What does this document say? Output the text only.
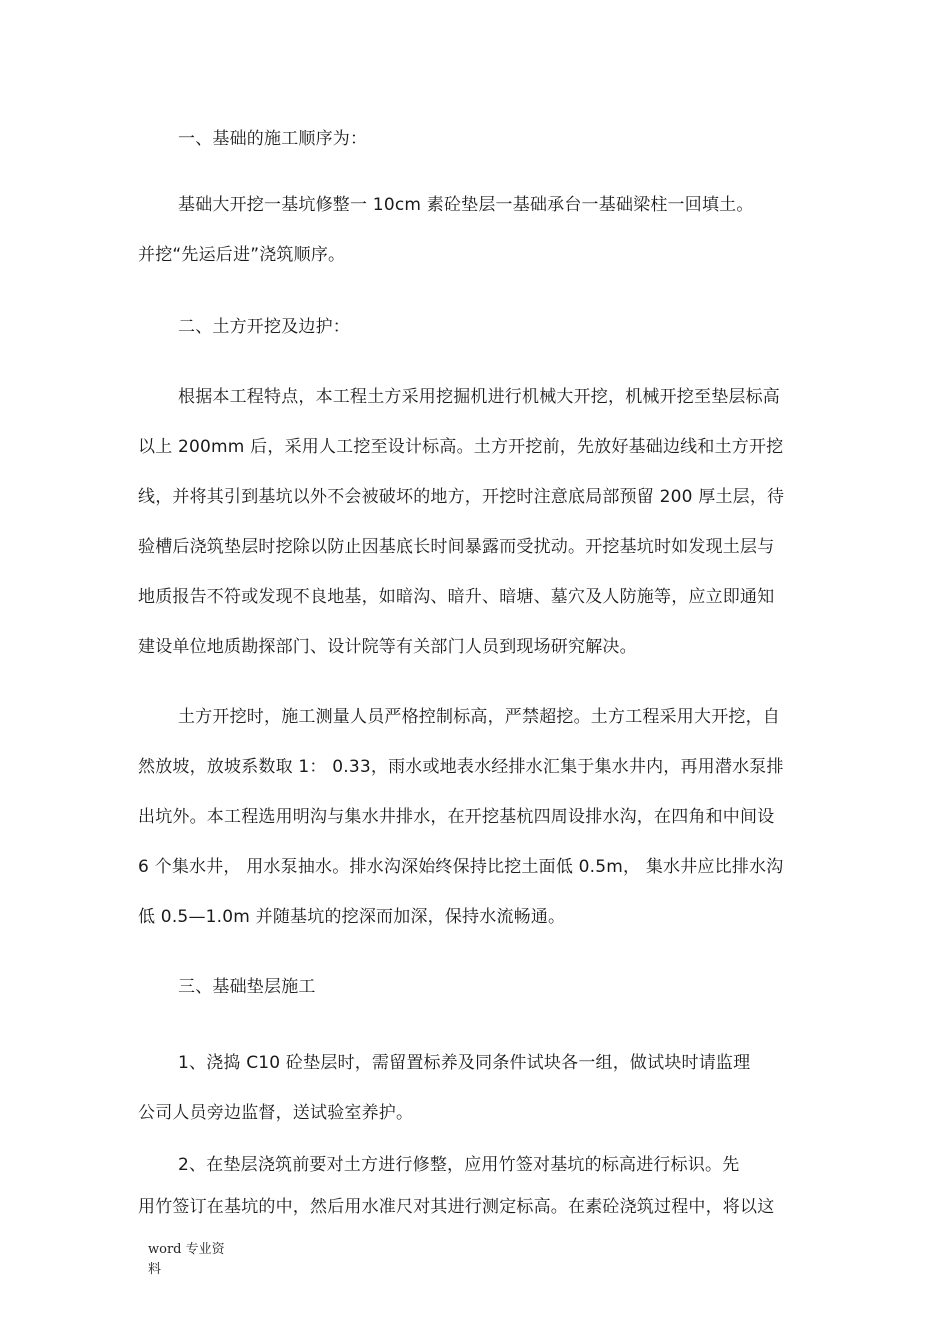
一、基础的施工顺序为：
基础大开挖一基坑修整一 10cm 素砼垫层一基础承台一基础梁柱一回填土。
并挖“先运后进”浇筑顺序。
二、土方开挖及边护：
根据本工程特点，本工程土方采用挖掘机进行机械大开挖，机械开挖至垫层标高
以上 200mm 后，采用人工挖至设计标高。土方开挖前，先放好基础边线和土方开挖
线，并将其引到基坑以外不会被破坏的地方，开挖时注意底局部预留 200 厚土层，待
验槽后浇筑垫层时挖除以防止因基底长时间暴露而受扰动。开挖基坑时如发现土层与
地质报告不符或发现不良地基，如暗沟、暗升、暗塘、墓穴及人防施等，应立即通知
建设单位地质勘探部门、设计院等有关部门人员到现场研究解决。
土方开挖时，施工测量人员严格控制标高，严禁超挖。土方工程采用大开挖，自
然放坡，放坡系数取 1： 0.33，雨水或地表水经排水汇集于集水井内，再用潜水泵排
出坑外。本工程选用明沟与集水井排水，在开挖基杭四周设排水沟，在四角和中间设
6 个集水井， 用水泵抽水。排水沟深始终保持比挖土面低 0.5m， 集水井应比排水沟
低 0.5—1.0m 并随基坑的挖深而加深，保持水流畅通。
三、基础垫层施工
1、浇捣 C10 砼垫层时，需留置标养及同条件试块各一组，做试块时请监理
公司人员旁边监督，送试验室养护。
2、在垫层浇筑前要对土方进行修整，应用竹签对基坑的标高进行标识。先
用竹签订在基坑的中，然后用水准尺对其进行测定标高。在素砼浇筑过程中，将以这
word 专业资
料
